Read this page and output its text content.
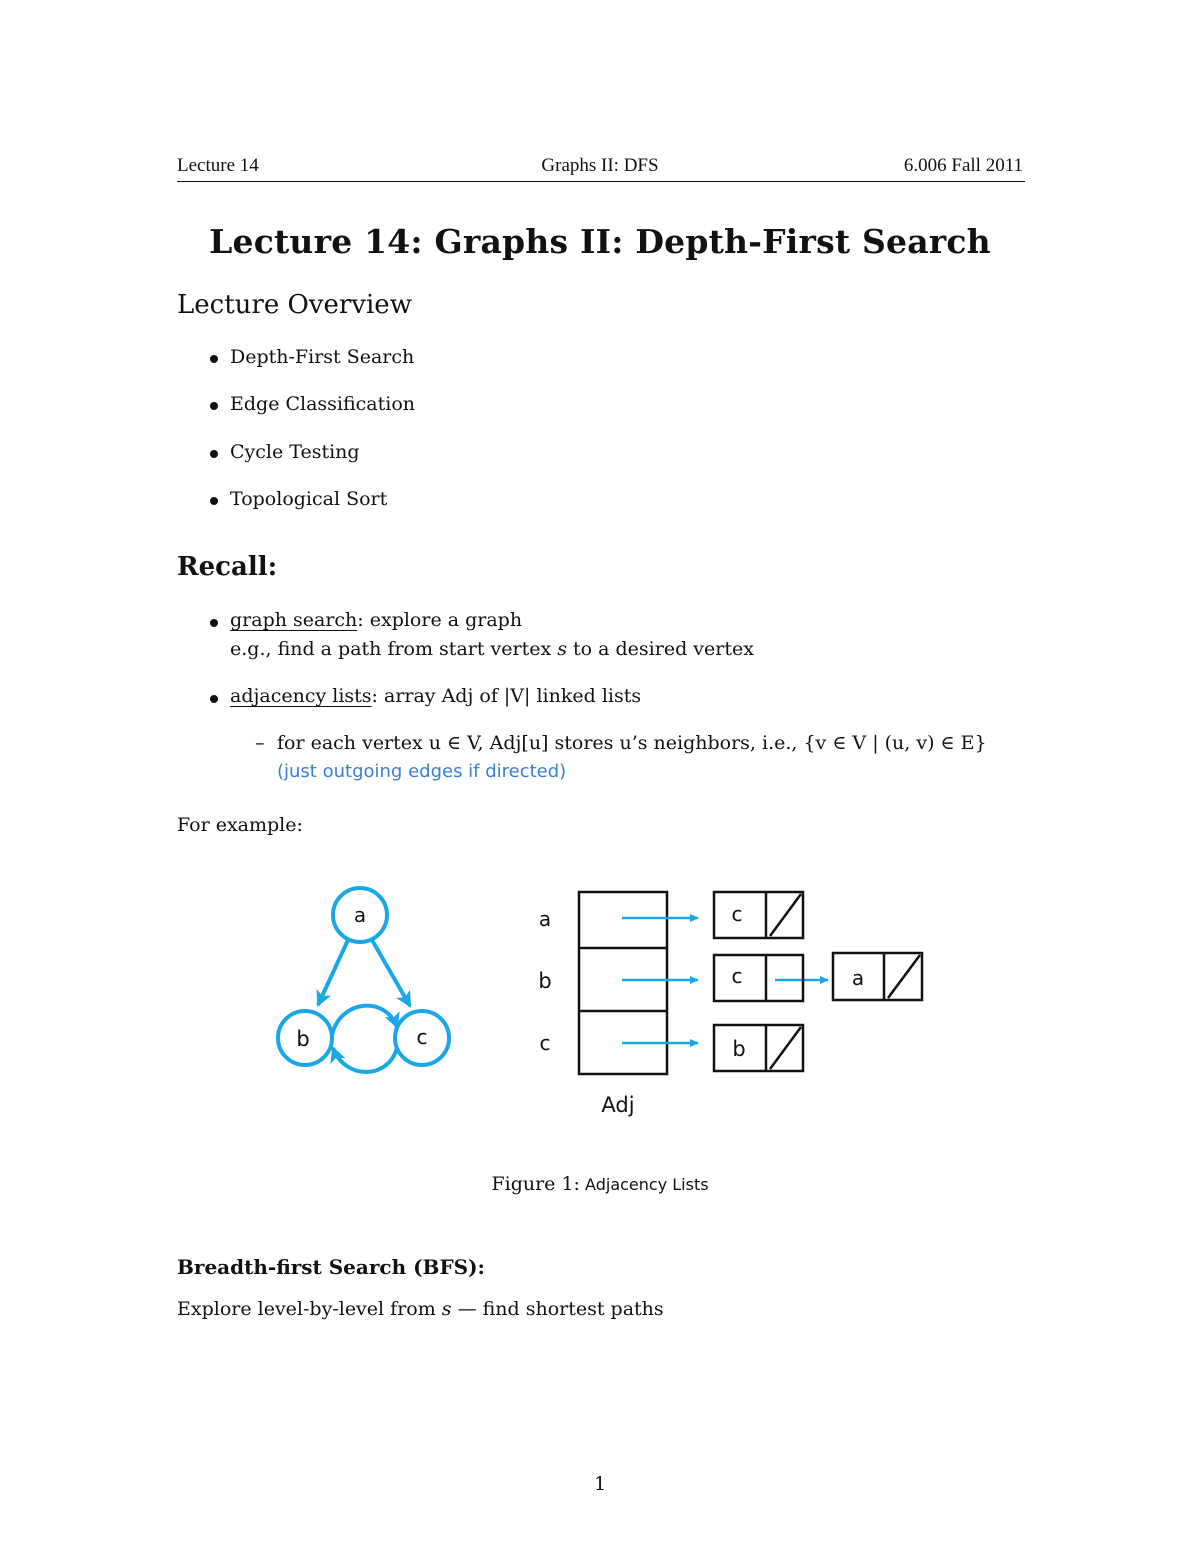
Lecture 14	Graphs II: DFS	6.006 Fall 2011
Lecture 14: Graphs II: Depth-First Search
Lecture Overview
Depth-First Search
Edge Classification
Cycle Testing
Topological Sort
Recall:
graph search: explore a graph
e.g., find a path from start vertex s to a desired vertex
adjacency lists: array Adj of |V| linked lists
– for each vertex u ∈ V, Adj[u] stores u’s neighbors, i.e., {v ∈ V | (u, v) ∈ E}
(just outgoing edges if directed)
For example:
a
b	c
a
b
c
Adj
c
c	a
b
Figure 1: Adjacency Lists
Breadth-first Search (BFS):
Explore level-by-level from s — find shortest paths
1
